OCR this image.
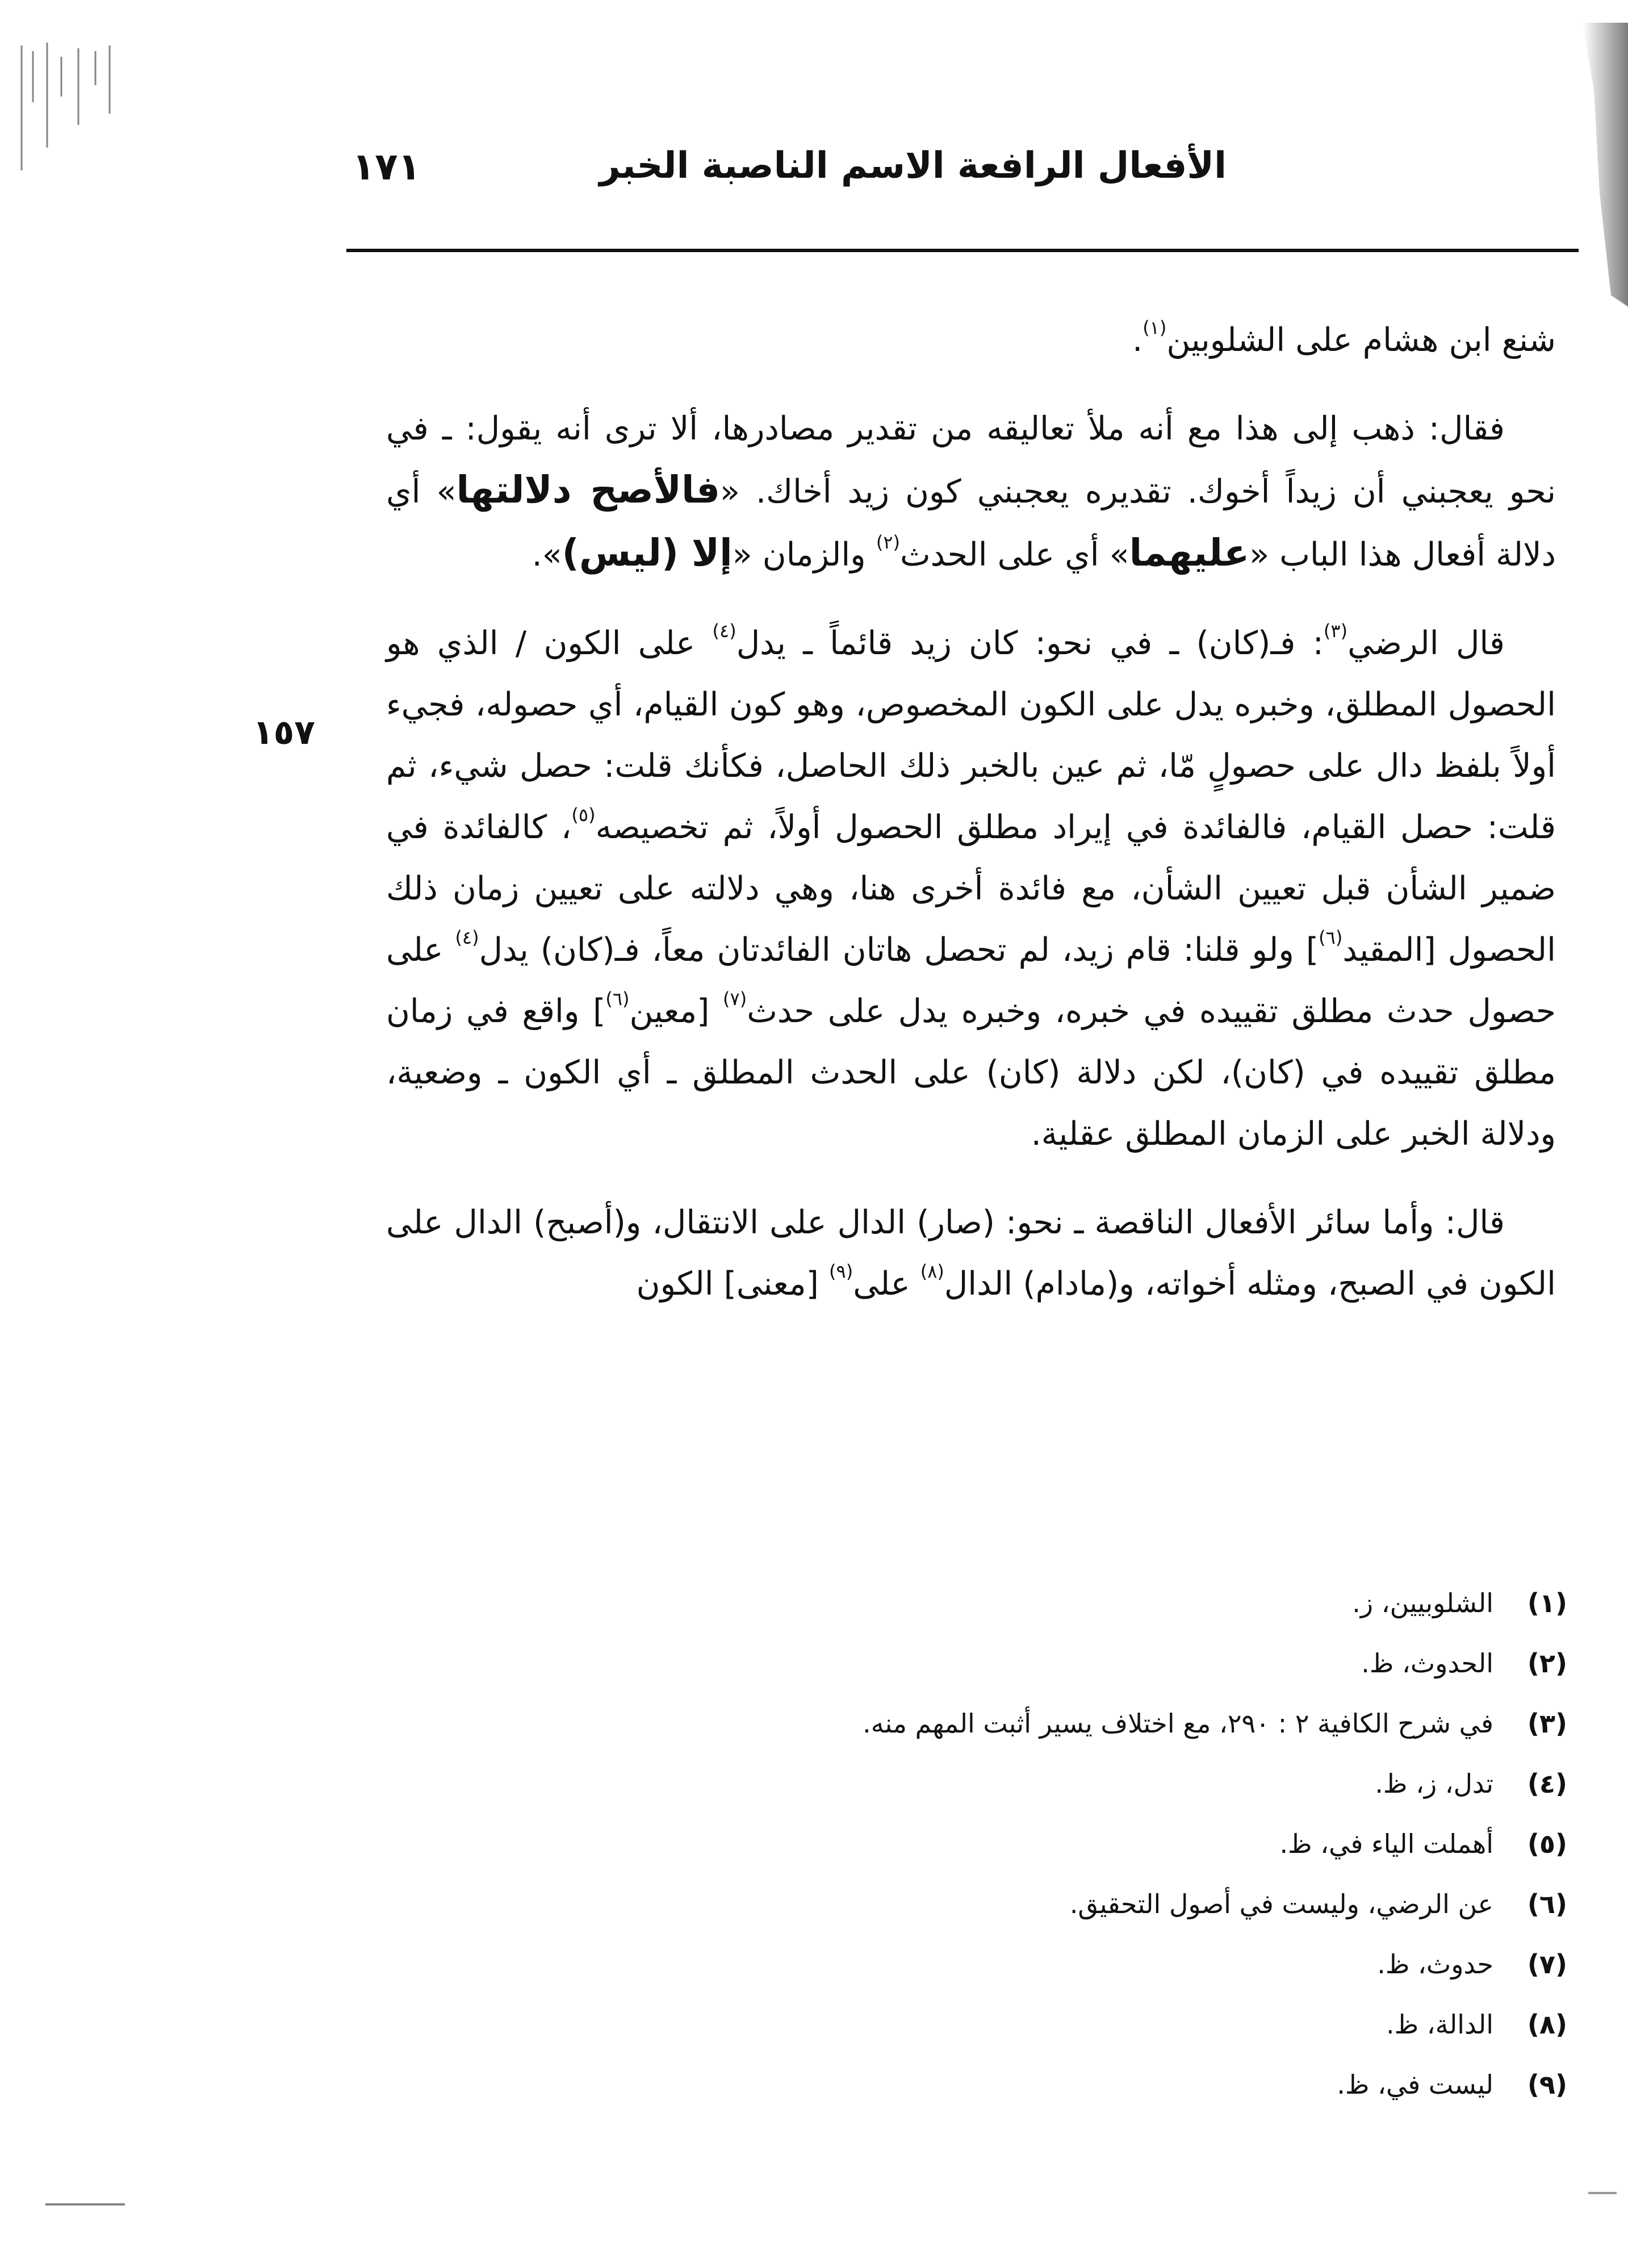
الأفعال الرافعة الاسم الناصبة الخبر
١٧١
١٥٧

شنع ابن هشام على الشلوبين$^{(١)}$.

فقال: ذهب إلى هذا مع أنه ملأ تعاليقه من تقدير مصادرها، ألا ترى أنه يقول: ـ في نحو يعجبني أن زيداً أخوك. تقديره يعجبني كون زيد أخاك. «فالأصح دلالتها» أي دلالة أفعال هذا الباب «عليهما» أي على الحدث$^{(٢)}$ والزمان «إلا (ليس)».

قال الرضي$^{(٣)}$: فـ(كان) ـ في نحو: كان زيد قائماً ـ يدل$^{(٤)}$ على الكون / الذي هو الحصول المطلق، وخبره يدل على الكون المخصوص، وهو كون القيام، أي حصوله، فجيء أولاً بلفظ دال على حصولٍ مّا، ثم عين بالخبر ذلك الحاصل، فكأنك قلت: حصل شيء، ثم قلت: حصل القيام، فالفائدة في إيراد مطلق الحصول أولاً، ثم تخصيصه$^{(٥)}$، كالفائدة في ضمير الشأن قبل تعيين الشأن، مع فائدة أخرى هنا، وهي دلالته على تعيين زمان ذلك الحصول [المقيد$^{(٦)}$] ولو قلنا: قام زيد، لم تحصل هاتان الفائدتان معاً، فـ(كان) يدل$^{(٤)}$ على حصول حدث مطلق تقييده في خبره، وخبره يدل على حدث$^{(٧)}$ [معين$^{(٦)}$] واقع في زمان مطلق تقييده في (كان)، لكن دلالة (كان) على الحدث المطلق ـ أي الكون ـ وضعية، ودلالة الخبر على الزمان المطلق عقلية.

قال: وأما سائر الأفعال الناقصة ـ نحو: (صار) الدال على الانتقال، و(أصبح) الدال على الكون في الصبح، ومثله أخواته، و(مادام) الدال$^{(٨)}$ على$^{(٩)}$ [معنى] الكون

(١)
الشلوبيين، ز.
(٢)
الحدوث، ظ.
(٣)
في شرح الكافية ٢ : ٢٩٠، مع اختلاف يسير أثبت المهم منه.
(٤)
تدل، ز، ظ.
(٥)
أهملت الياء في، ظ.
(٦)
عن الرضي، وليست في أصول التحقيق.
(٧)
حدوث، ظ.
(٨)
الدالة، ظ.
(٩)
ليست في، ظ.
